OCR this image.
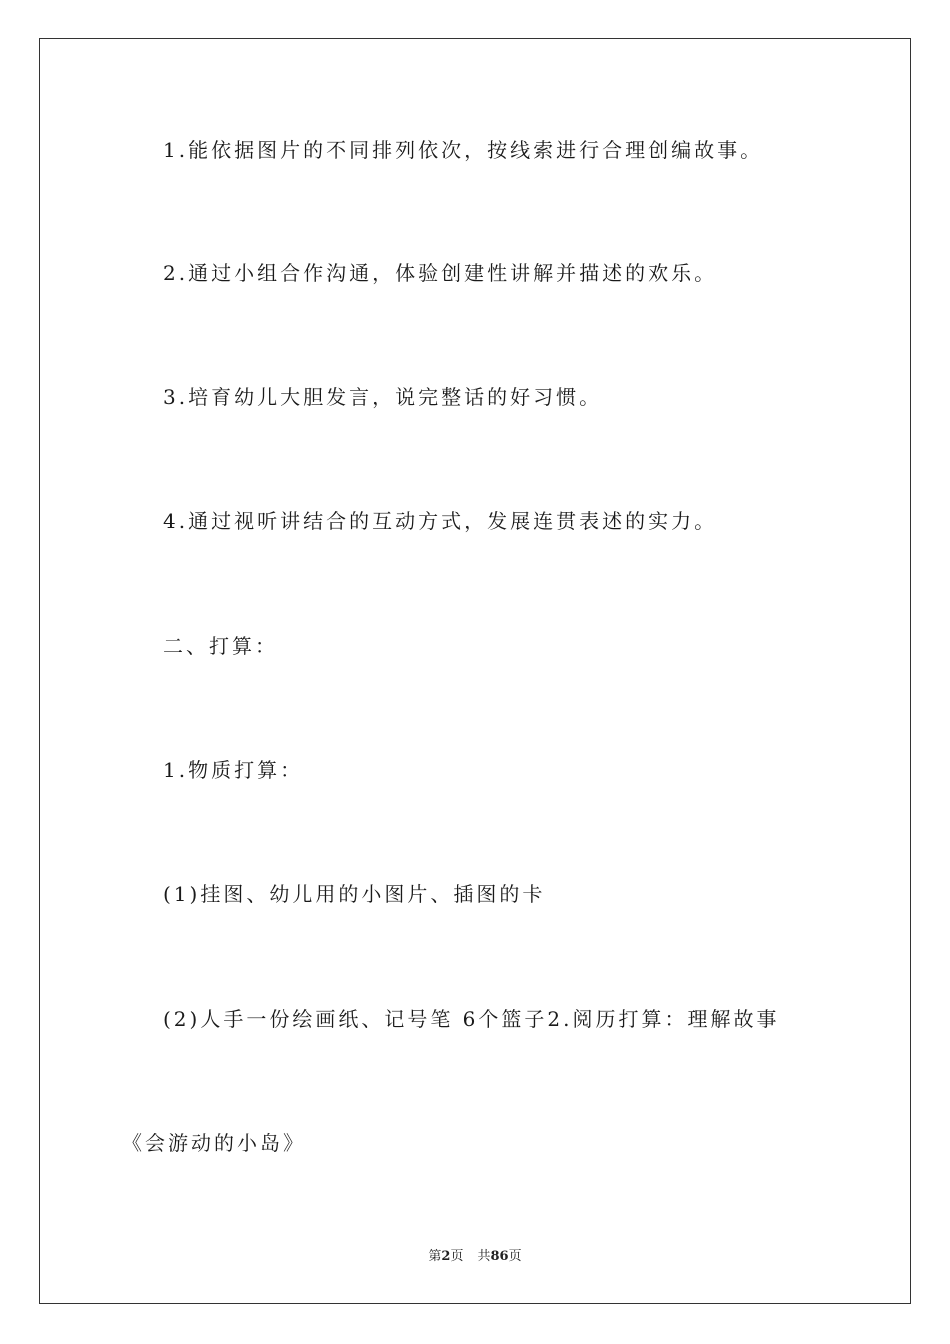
1.能依据图片的不同排列依次，按线索进行合理创编故事。
2.通过小组合作沟通，体验创建性讲解并描述的欢乐。
3.培育幼儿大胆发言，说完整话的好习惯。
4.通过视听讲结合的互动方式，发展连贯表述的实力。
二、打算：
1.物质打算：
(1)挂图、幼儿用的小图片、插图的卡
(2)人手一份绘画纸、记号笔 6个篮子2.阅历打算：理解故事
《会游动的小岛》
第2页 共86页
